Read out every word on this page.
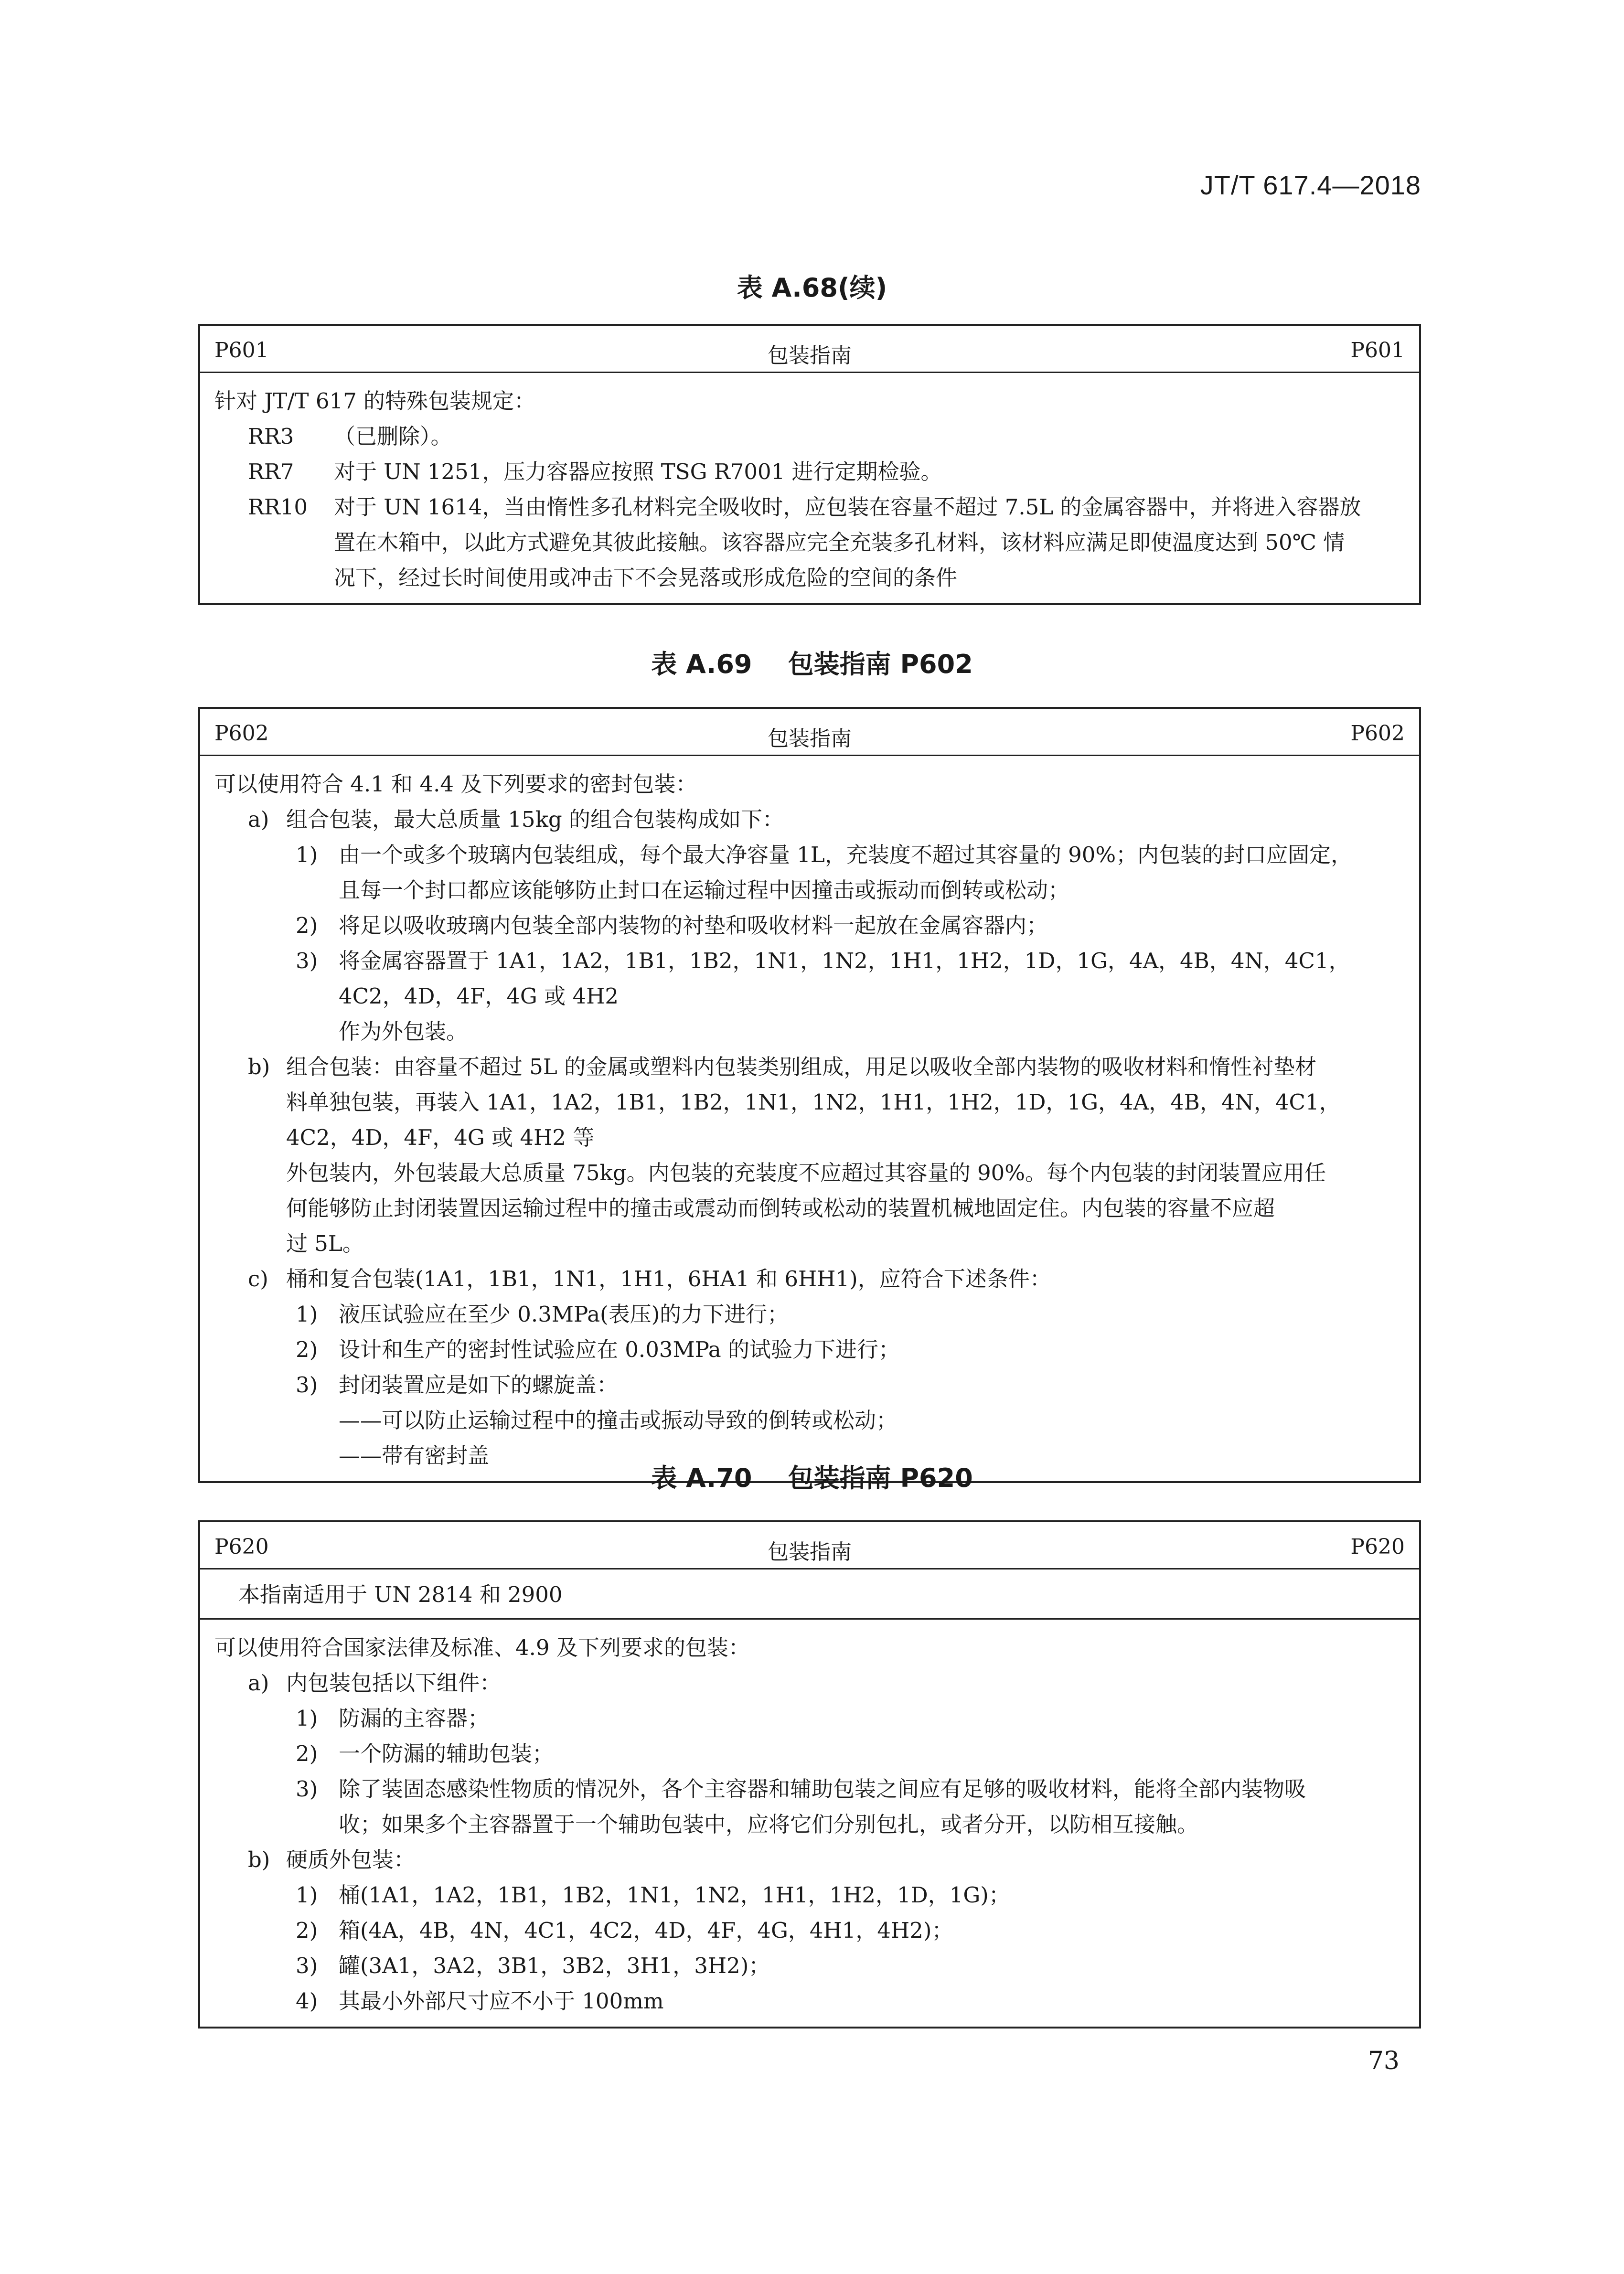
JT/T 617.4—2018
表 A.68(续)
P601	包装指南	P601
针对 JT/T 617 的特殊包装规定：
RR3 （已删除）。
RR7 对于 UN 1251，压力容器应按照 TSG R7001 进行定期检验。
RR10 对于 UN 1614，当由惰性多孔材料完全吸收时，应包装在容量不超过 7.5L 的金属容器中，并将进入容器放
置在木箱中，以此方式避免其彼此接触。该容器应完全充装多孔材料，该材料应满足即使温度达到 50℃ 情
况下，经过长时间使用或冲击下不会晃落或形成危险的空间的条件
表 A.69    包装指南 P602
P602	包装指南	P602
可以使用符合 4.1 和 4.4 及下列要求的密封包装：
a) 组合包装，最大总质量 15kg 的组合包装构成如下：
1) 由一个或多个玻璃内包装组成，每个最大净容量 1L，充装度不超过其容量的 90%；内包装的封口应固定，
且每一个封口都应该能够防止封口在运输过程中因撞击或振动而倒转或松动；
2) 将足以吸收玻璃内包装全部内装物的衬垫和吸收材料一起放在金属容器内；
3) 将金属容器置于 1A1，1A2，1B1，1B2，1N1，1N2，1H1，1H2，1D，1G，4A，4B，4N，4C1，4C2，4D，4F，4G 或 4H2
作为外包装。
b) 组合包装：由容量不超过 5L 的金属或塑料内包装类别组成，用足以吸收全部内装物的吸收材料和惰性衬垫材
料单独包装，再装入 1A1，1A2，1B1，1B2，1N1，1N2，1H1，1H2，1D，1G，4A，4B，4N，4C1，4C2，4D，4F，4G 或 4H2 等
外包装内，外包装最大总质量 75kg。内包装的充装度不应超过其容量的 90%。每个内包装的封闭装置应用任
何能够防止封闭装置因运输过程中的撞击或震动而倒转或松动的装置机械地固定住。内包装的容量不应超
过 5L。
c) 桶和复合包装(1A1，1B1，1N1，1H1，6HA1 和 6HH1)，应符合下述条件：
1) 液压试验应在至少 0.3MPa(表压)的力下进行；
2) 设计和生产的密封性试验应在 0.03MPa 的试验力下进行；
3) 封闭装置应是如下的螺旋盖：
——可以防止运输过程中的撞击或振动导致的倒转或松动；
——带有密封盖
表 A.70    包装指南 P620
P620	包装指南	P620
本指南适用于 UN 2814 和 2900
可以使用符合国家法律及标准、4.9 及下列要求的包装：
a) 内包装包括以下组件：
1) 防漏的主容器；
2) 一个防漏的辅助包装；
3) 除了装固态感染性物质的情况外，各个主容器和辅助包装之间应有足够的吸收材料，能将全部内装物吸
收；如果多个主容器置于一个辅助包装中，应将它们分别包扎，或者分开，以防相互接触。
b) 硬质外包装：
1) 桶(1A1，1A2，1B1，1B2，1N1，1N2，1H1，1H2，1D，1G)；
2) 箱(4A，4B，4N，4C1，4C2，4D，4F，4G，4H1，4H2)；
3) 罐(3A1，3A2，3B1，3B2，3H1，3H2)；
4) 其最小外部尺寸应不小于 100mm
73
